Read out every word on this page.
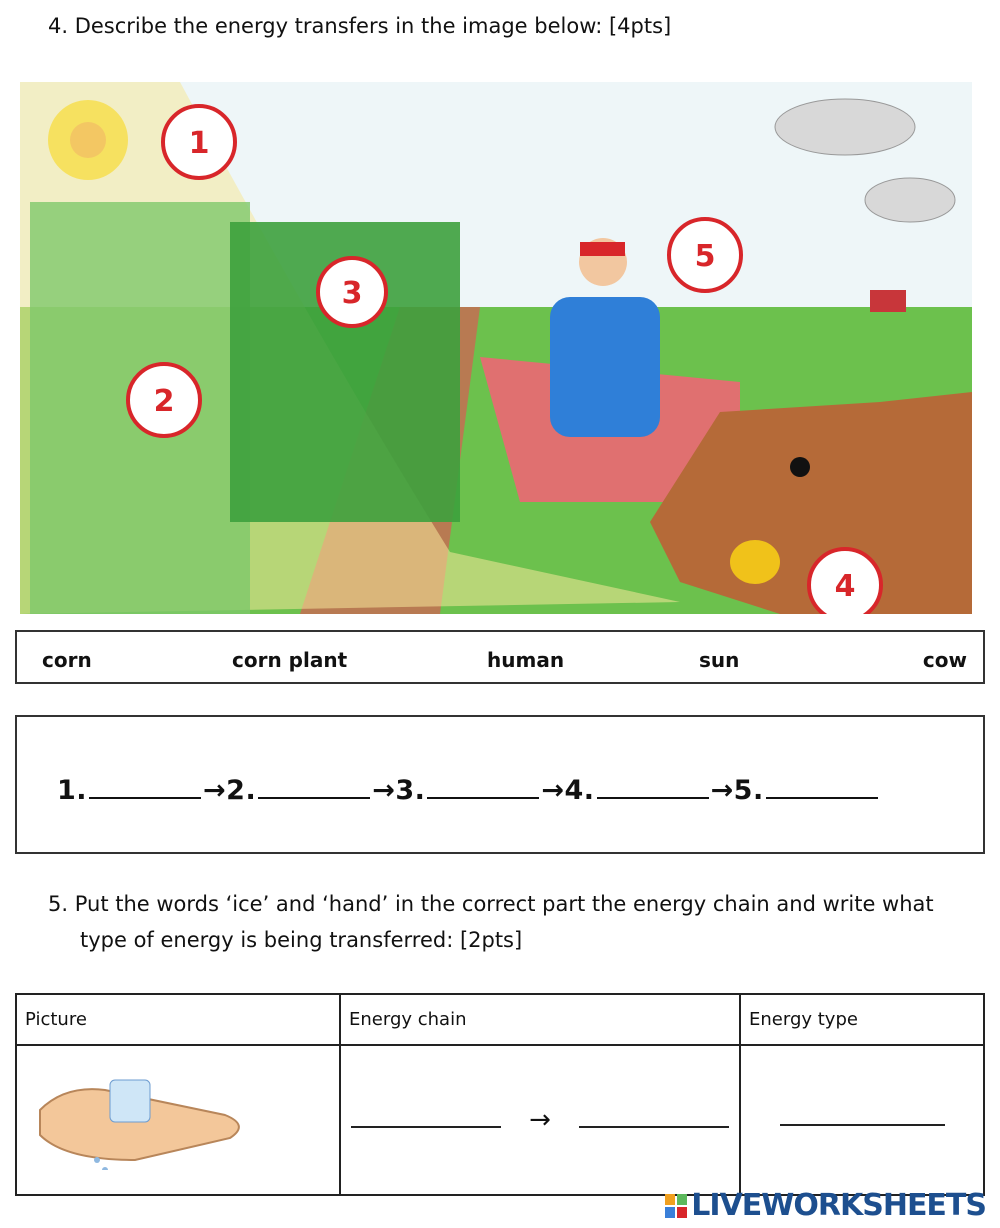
4. Describe the energy transfers in the image below: [4pts]
1
2
3
4
5
corn	corn plant	human	sun	cow
1.	→2.	→3.	→4.	→5.
5. Put the words ‘ice’ and ‘hand’ in the correct part the energy chain and write what
type of energy is being transferred: [2pts]
Picture	Energy chain	Energy type
	→	
LIVEWORKSHEETS
